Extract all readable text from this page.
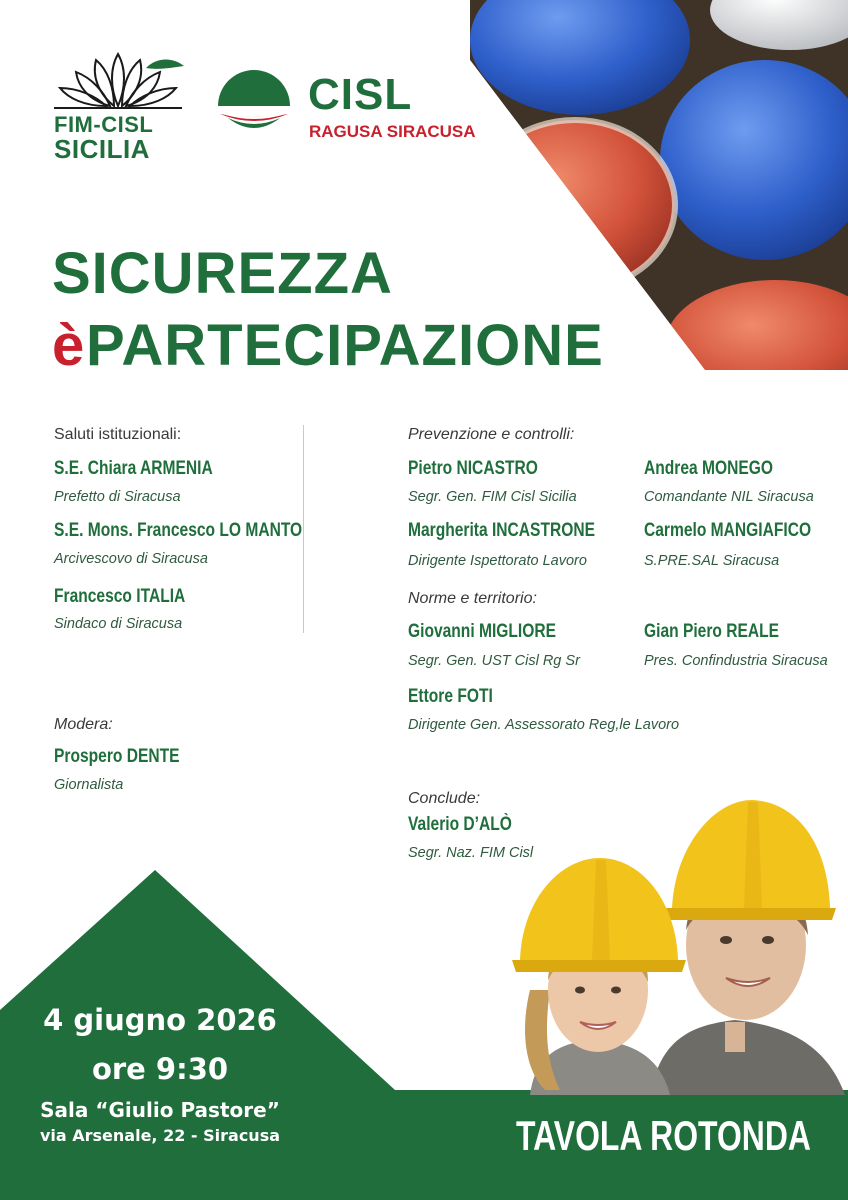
FIM-CISL
SICILIA
CISL
RAGUSA SIRACUSA
SICUREZZA
è PARTECIPAZIONE
Saluti istituzionali:
S.E. Chiara ARMENIA
Prefetto di Siracusa
S.E. Mons. Francesco LO MANTO
Arcivescovo di Siracusa
Francesco ITALIA
Sindaco di Siracusa
Prevenzione e controlli:
Pietro NICASTRO
Segr. Gen. FIM Cisl Sicilia
Andrea MONEGO
Comandante NIL Siracusa
Margherita INCASTRONE
Dirigente Ispettorato Lavoro
Carmelo MANGIAFICO
S.PRE.SAL Siracusa
Norme e territorio:
Giovanni MIGLIORE
Segr. Gen. UST Cisl Rg Sr
Gian Piero REALE
Pres. Confindustria Siracusa
Ettore FOTI
Dirigente Gen. Assessorato Reg,le Lavoro
Modera:
Prospero DENTE
Giornalista
Conclude:
Valerio D’ALÒ
Segr. Naz. FIM Cisl
4 giugno 2026
ore 9:30
Sala “Giulio Pastore”
via Arsenale, 22 - Siracusa	TAVOLA ROTONDA
